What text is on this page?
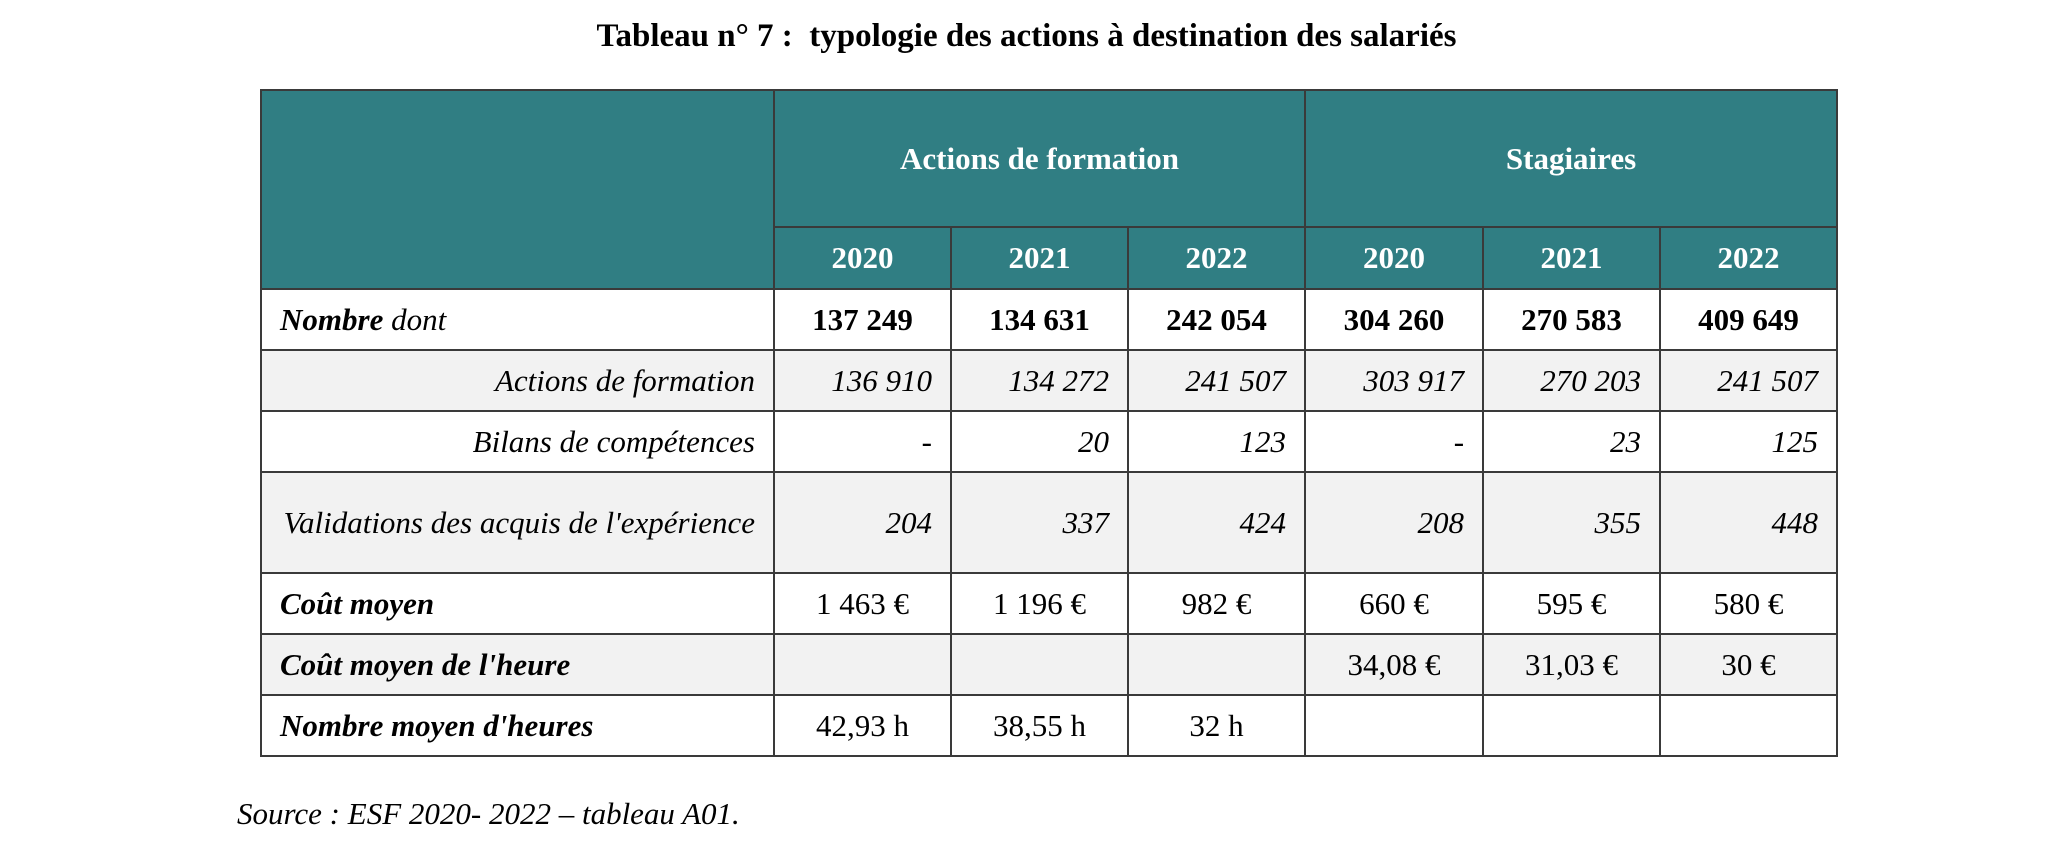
Tableau n° 7 :  typologie des actions à destination des salariés
	Actions de formation			Stagiaires		
	2020	2021	2022	2020	2021	2022
Nombre dont	137 249	134 631	242 054	304 260	270 583	409 649
Actions de formation	136 910	134 272	241 507	303 917	270 203	241 507
Bilans de compétences	-	20	123	-	23	125
Validations des acquis de l'expérience	204	337	424	208	355	448
Coût moyen	1 463 €	1 196 €	982 €	660 €	595 €	580 €
Coût moyen de l'heure				34,08 €	31,03 €	30 €
Nombre moyen d'heures	42,93 h	38,55 h	32 h			
Source : ESF 2020- 2022 – tableau A01.
